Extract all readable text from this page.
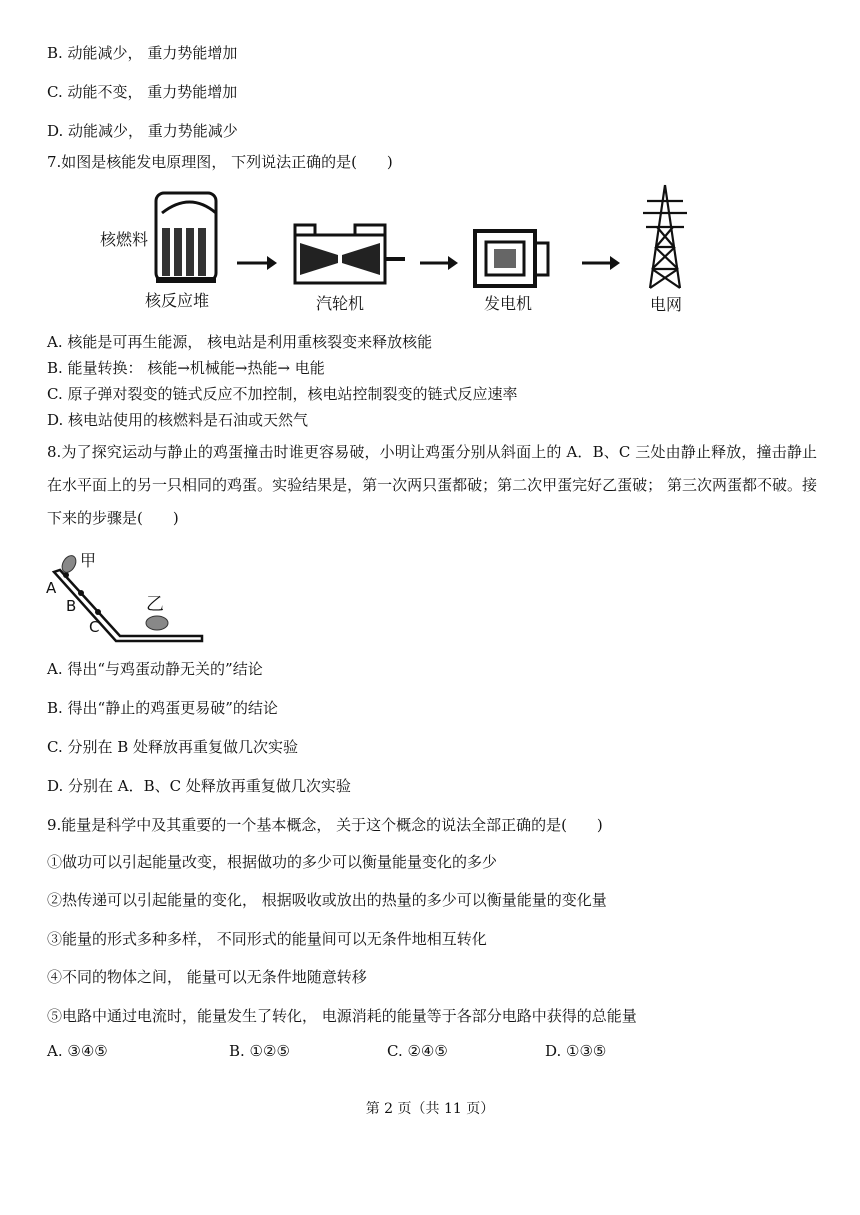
B. 动能减少， 重力势能增加
C. 动能不变， 重力势能增加
D. 动能减少， 重力势能减少
7.如图是核能发电原理图， 下列说法正确的是(　　)
核燃料
核反应堆	汽轮机	发电机	电网
A. 核能是可再生能源， 核电站是利用重核裂变来释放核能
B. 能量转换： 核能→机械能→热能→ 电能
C. 原子弹对裂变的链式反应不加控制，核电站控制裂变的链式反应速率
D. 核电站使用的核燃料是石油或天然气
8.为了探究运动与静止的鸡蛋撞击时谁更容易破，小明让鸡蛋分别从斜面上的 A．B、C 三处由静止释放，撞击静止在水平面上的另一只相同的鸡蛋。实验结果是，第一次两只蛋都破；第二次甲蛋完好乙蛋破； 第三次两蛋都不破。接下来的步骤是(　　)
甲
乙
A
B
C
A. 得出“与鸡蛋动静无关的”结论
B. 得出“静止的鸡蛋更易破”的结论
C. 分别在 B 处释放再重复做几次实验
D. 分别在 A．B、C 处释放再重复做几次实验
9.能量是科学中及其重要的一个基本概念， 关于这个概念的说法全部正确的是(　　)
①做功可以引起能量改变，根据做功的多少可以衡量能量变化的多少
②热传递可以引起能量的变化， 根据吸收或放出的热量的多少可以衡量能量的变化量
③能量的形式多种多样， 不同形式的能量间可以无条件地相互转化
④不同的物体之间， 能量可以无条件地随意转移
⑤电路中通过电流时，能量发生了转化， 电源消耗的能量等于各部分电路中获得的总能量
A. ③④⑤	B. ①②⑤	C. ②④⑤	D. ①③⑤
第 2 页（共 11 页）
